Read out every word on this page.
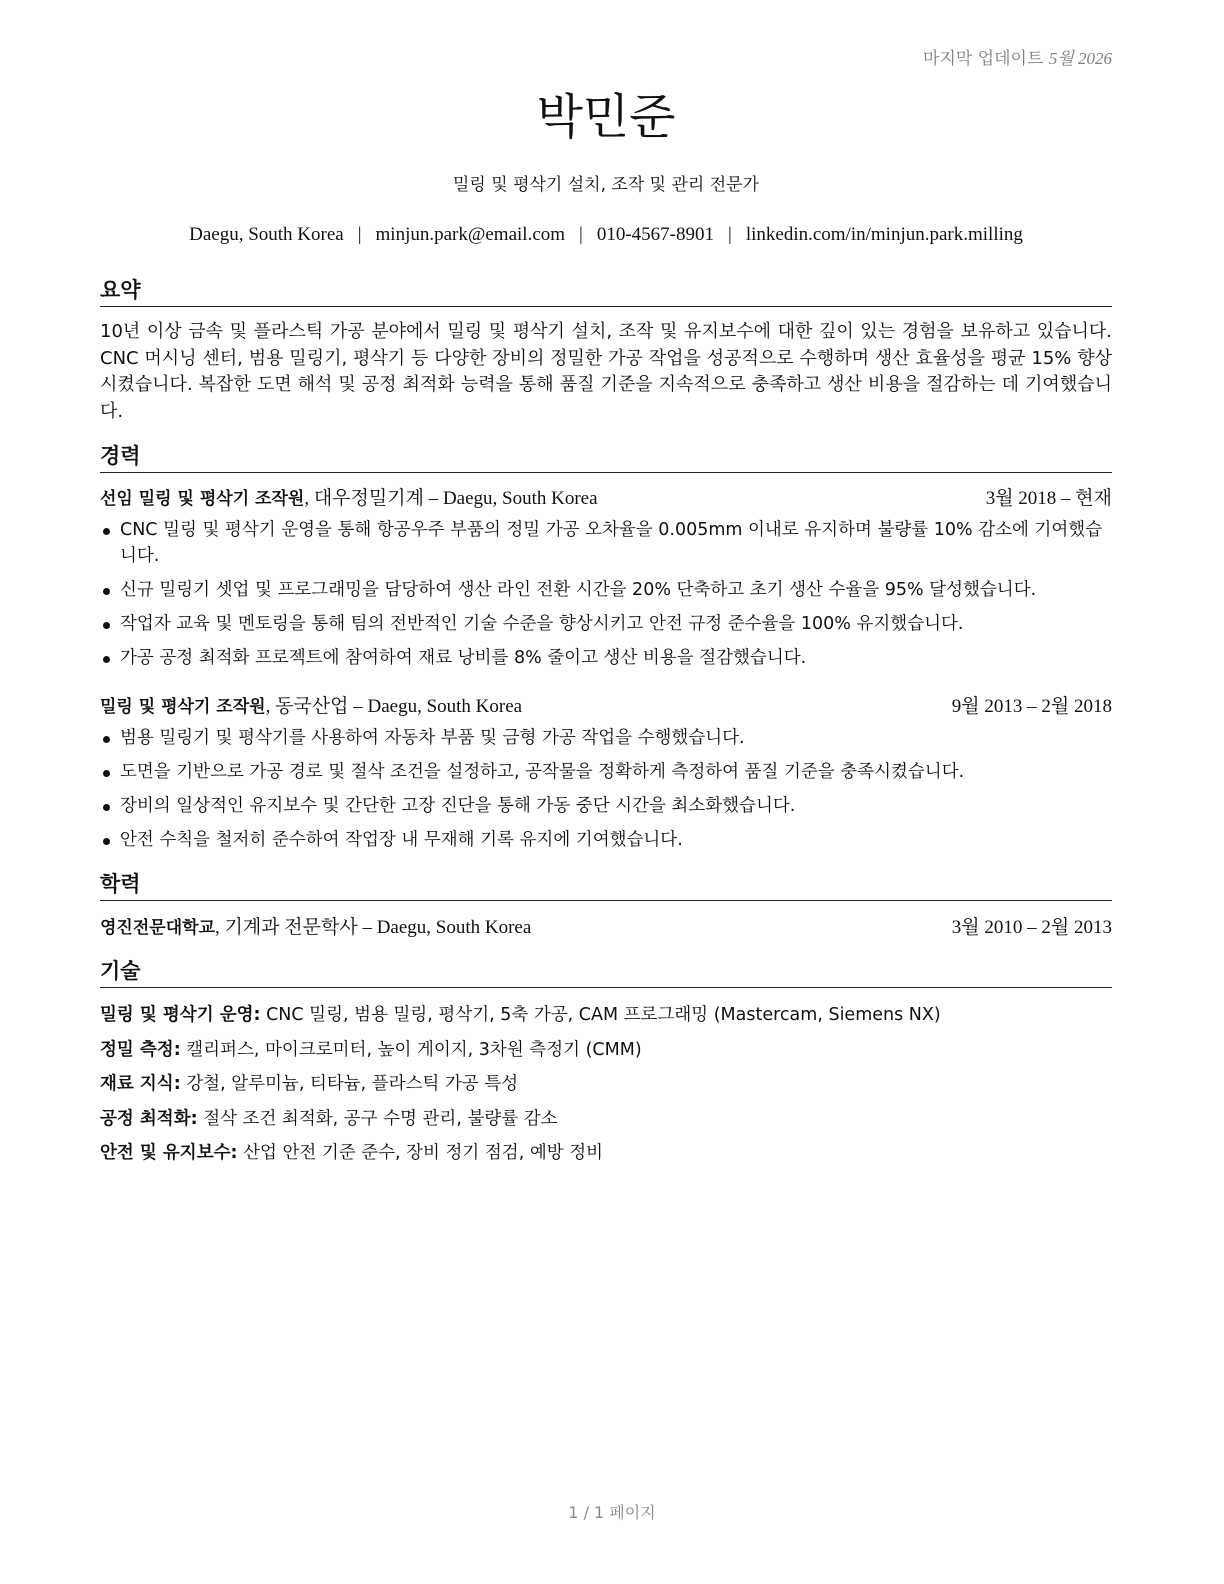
마지막 업데이트 5월 2026
박민준
밀링 및 평삭기 설치, 조작 및 관리 전문가
Daegu, South Korea | minjun.park@email.com | 010-4567-8901 | linkedin.com/in/minjun.park.milling
요약
10년 이상 금속 및 플라스틱 가공 분야에서 밀링 및 평삭기 설치, 조작 및 유지보수에 대한 깊이 있는 경험을 보유하고 있습니다. CNC 머시닝 센터, 범용 밀링기, 평삭기 등 다양한 장비의 정밀한 가공 작업을 성공적으로 수행하며 생산 효율성을 평균 15% 향상시켰습니다. 복잡한 도면 해석 및 공정 최적화 능력을 통해 품질 기준을 지속적으로 충족하고 생산 비용을 절감하는 데 기여했습니다.
경력
선임 밀링 및 평삭기 조작원, 대우정밀기계 – Daegu, South Korea	3월 2018 – 현재
CNC 밀링 및 평삭기 운영을 통해 항공우주 부품의 정밀 가공 오차율을 0.005mm 이내로 유지하며 불량률 10% 감소에 기여했습니다.
신규 밀링기 셋업 및 프로그래밍을 담당하여 생산 라인 전환 시간을 20% 단축하고 초기 생산 수율을 95% 달성했습니다.
작업자 교육 및 멘토링을 통해 팀의 전반적인 기술 수준을 향상시키고 안전 규정 준수율을 100% 유지했습니다.
가공 공정 최적화 프로젝트에 참여하여 재료 낭비를 8% 줄이고 생산 비용을 절감했습니다.
밀링 및 평삭기 조작원, 동국산업 – Daegu, South Korea	9월 2013 – 2월 2018
범용 밀링기 및 평삭기를 사용하여 자동차 부품 및 금형 가공 작업을 수행했습니다.
도면을 기반으로 가공 경로 및 절삭 조건을 설정하고, 공작물을 정확하게 측정하여 품질 기준을 충족시켰습니다.
장비의 일상적인 유지보수 및 간단한 고장 진단을 통해 가동 중단 시간을 최소화했습니다.
안전 수칙을 철저히 준수하여 작업장 내 무재해 기록 유지에 기여했습니다.
학력
영진전문대학교, 기계과 전문학사 – Daegu, South Korea	3월 2010 – 2월 2013
기술
밀링 및 평삭기 운영: CNC 밀링, 범용 밀링, 평삭기, 5축 가공, CAM 프로그래밍 (Mastercam, Siemens NX)
정밀 측정: 캘리퍼스, 마이크로미터, 높이 게이지, 3차원 측정기 (CMM)
재료 지식: 강철, 알루미늄, 티타늄, 플라스틱 가공 특성
공정 최적화: 절삭 조건 최적화, 공구 수명 관리, 불량률 감소
안전 및 유지보수: 산업 안전 기준 준수, 장비 정기 점검, 예방 정비
1 / 1 페이지
